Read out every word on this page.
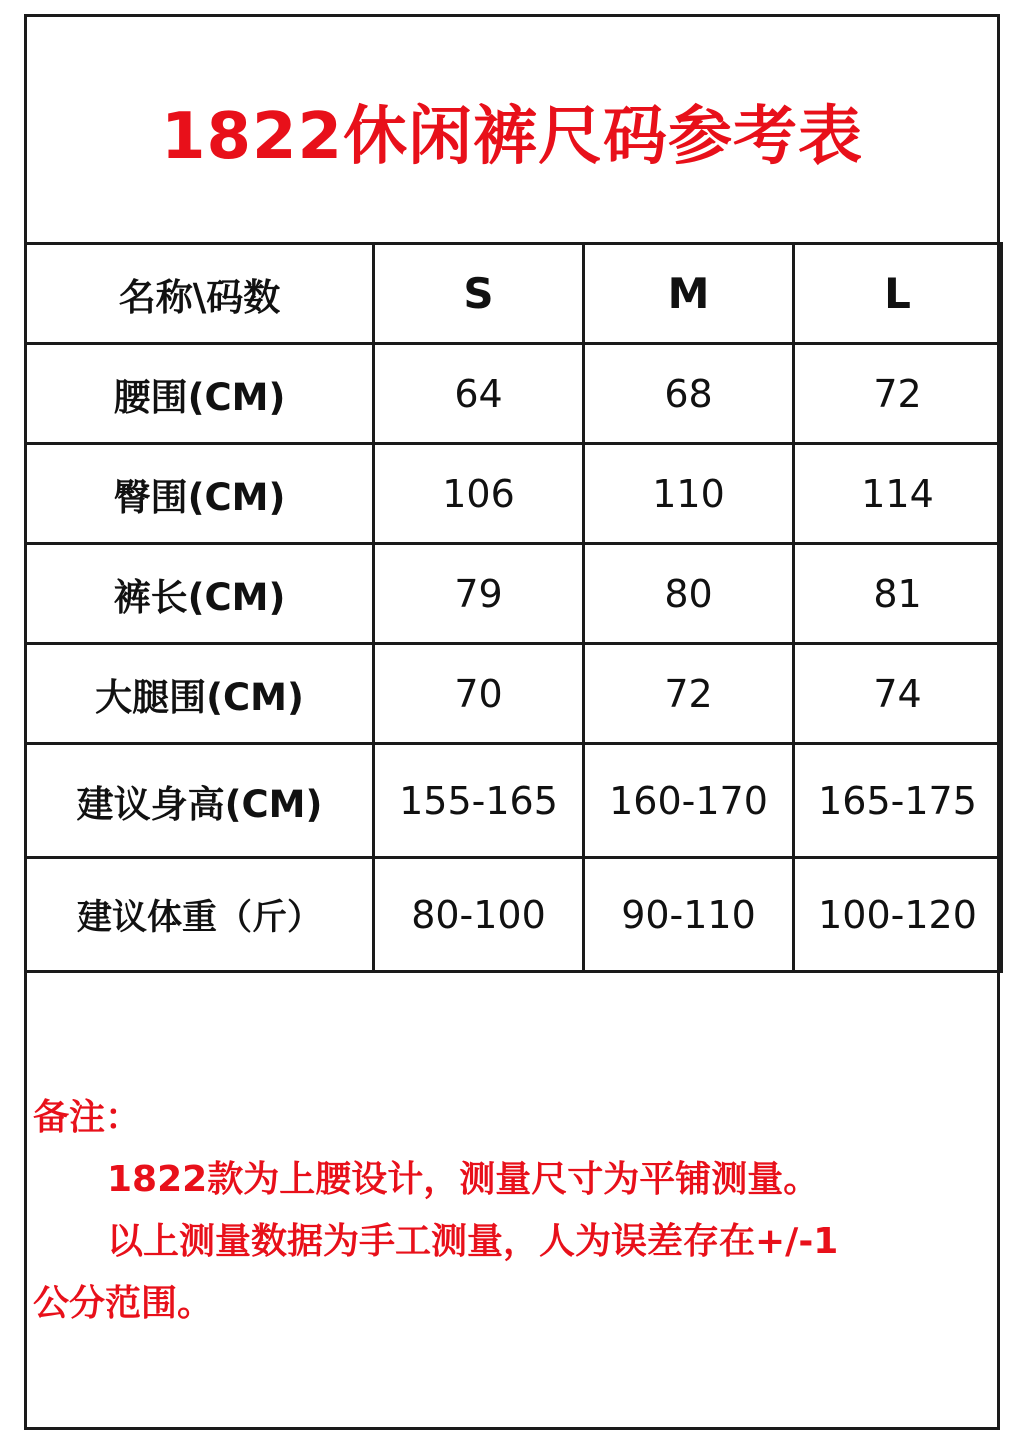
1822休闲裤尺码参考表
名称\码数	S	M	L
腰围(CM)	64	68	72
臀围(CM)	106	110	114
裤长(CM)	79	80	81
大腿围(CM)	70	72	74
建议身高(CM)	155-165	160-170	165-175
建议体重（斤）	80-100	90-110	100-120
备注：
1822款为上腰设计，测量尺寸为平铺测量。
以上测量数据为手工测量，人为误差存在+/-1
公分范围。
